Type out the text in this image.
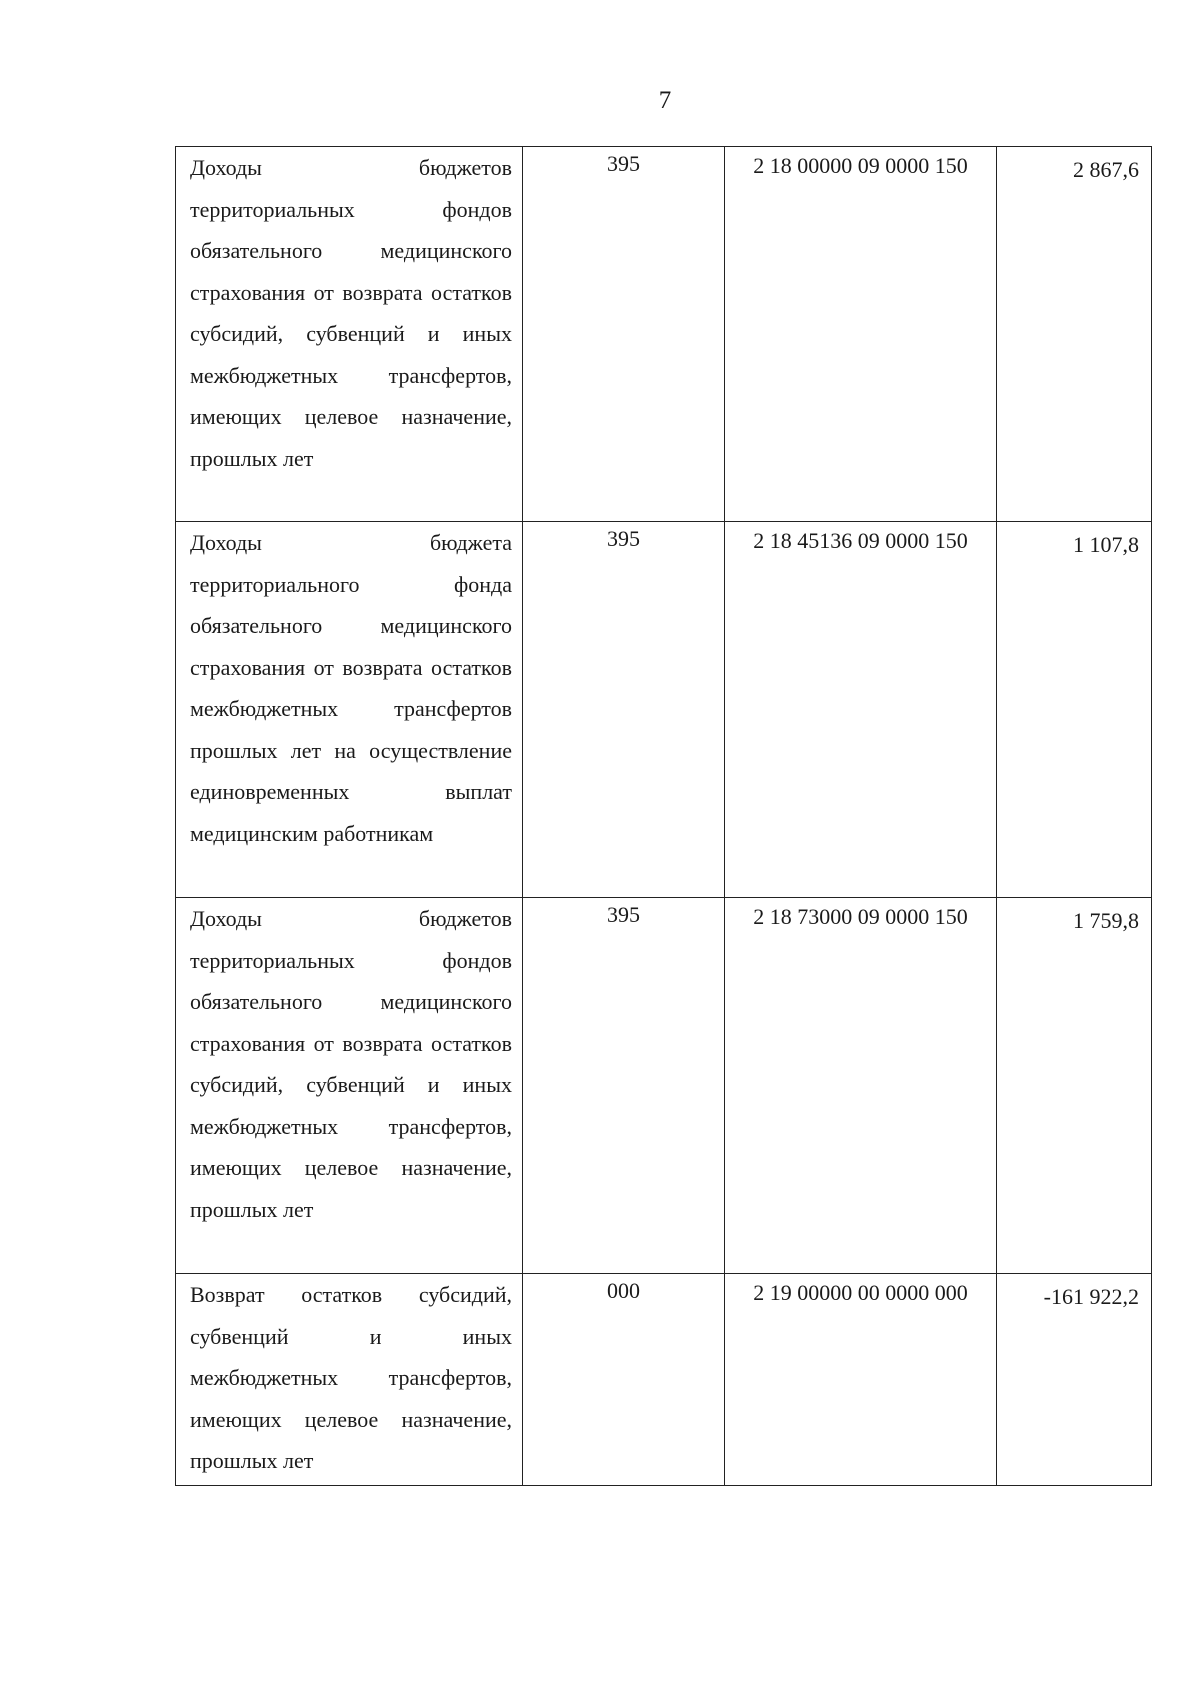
7
Доходы бюджетов территориальных фондов обязательного медицинского страхования от возврата остатков субсидий, субвенций и иных межбюджетных трансфертов, имеющих целевое назначение, прошлых лет	395	2 18 00000 09 0000 150	2 867,6

Доходы бюджета территориального фонда обязательного медицинского страхования от возврата остатков межбюджетных трансфертов прошлых лет на осуществление единовременных выплат медицинским работникам	395	2 18 45136 09 0000 150	1 107,8

Доходы бюджетов территориальных фондов обязательного медицинского страхования от возврата остатков субсидий, субвенций и иных межбюджетных трансфертов, имеющих целевое назначение, прошлых лет	395	2 18 73000 09 0000 150	1 759,8

Возврат остатков субсидий, субвенций и иных межбюджетных трансфертов, имеющих целевое назначение, прошлых лет	000	2 19 00000 00 0000 000	-161 922,2
